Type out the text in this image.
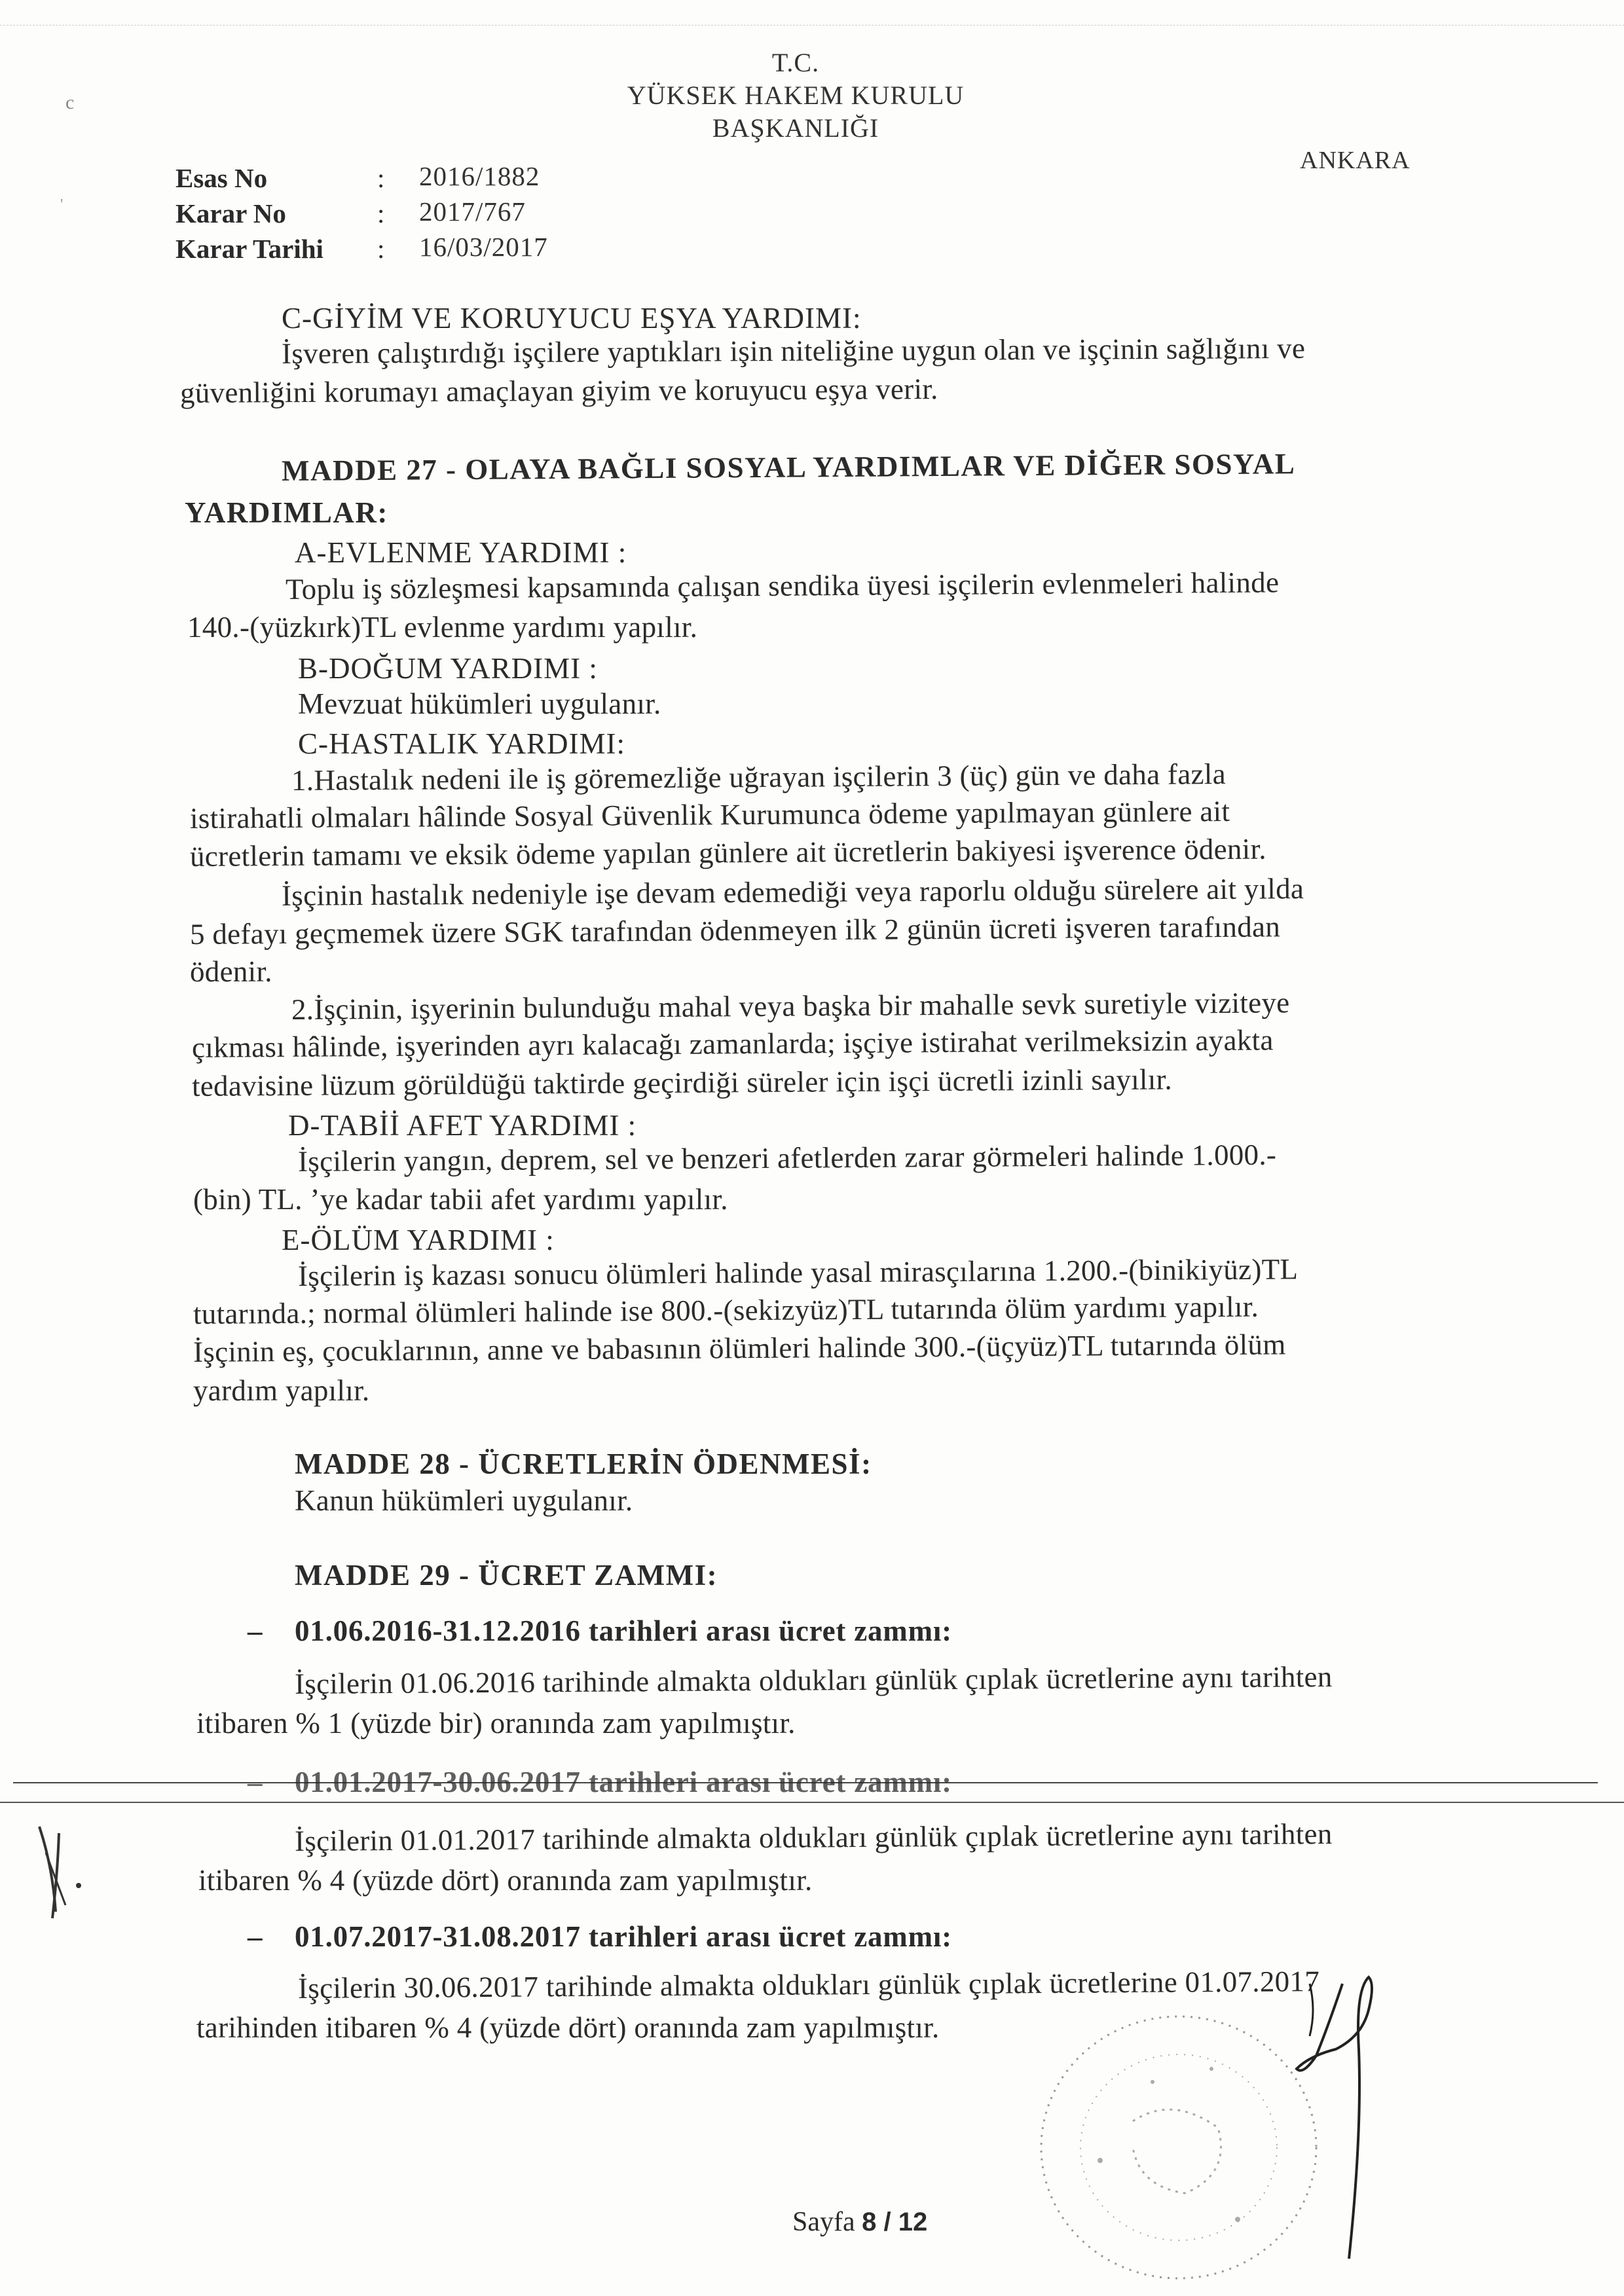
c
'
T.C.
YÜKSEK HAKEM KURULU
BAŞKANLIĞI
ANKARA
Esas No	: 2016/1882
Karar No	: 2017/767
Karar Tarihi : 16/03/2017
C-GİYİM VE KORUYUCU EŞYA YARDIMI:
İşveren çalıştırdığı işçilere yaptıkları işin niteliğine uygun olan ve işçinin sağlığını ve
güvenliğini korumayı amaçlayan giyim ve koruyucu eşya verir.
MADDE 27 - OLAYA BAĞLI SOSYAL YARDIMLAR VE DİĞER SOSYAL
YARDIMLAR:
A-EVLENME YARDIMI :
Toplu iş sözleşmesi kapsamında çalışan sendika üyesi işçilerin evlenmeleri halinde
140.-(yüzkırk)TL evlenme yardımı yapılır.
B-DOĞUM YARDIMI :
Mevzuat hükümleri uygulanır.
C-HASTALIK YARDIMI:
1.Hastalık nedeni ile iş göremezliğe uğrayan işçilerin 3 (üç) gün ve daha fazla
istirahatli olmaları hâlinde Sosyal Güvenlik Kurumunca ödeme yapılmayan günlere ait
ücretlerin tamamı ve eksik ödeme yapılan günlere ait ücretlerin bakiyesi işverence ödenir.
İşçinin hastalık nedeniyle işe devam edemediği veya raporlu olduğu sürelere ait yılda
5 defayı geçmemek üzere SGK tarafından ödenmeyen ilk 2 günün ücreti işveren tarafından
ödenir.
2.İşçinin, işyerinin bulunduğu mahal veya başka bir mahalle sevk suretiyle viziteye
çıkması hâlinde, işyerinden ayrı kalacağı zamanlarda; işçiye istirahat verilmeksizin ayakta
tedavisine lüzum görüldüğü taktirde geçirdiği süreler için işçi ücretli izinli sayılır.
D-TABİİ AFET YARDIMI :
İşçilerin yangın, deprem, sel ve benzeri afetlerden zarar görmeleri halinde 1.000.-
(bin) TL. ’ye kadar tabii afet yardımı yapılır.
E-ÖLÜM YARDIMI :
İşçilerin iş kazası sonucu ölümleri halinde yasal mirasçılarına 1.200.-(binikiyüz)TL
tutarında.; normal ölümleri halinde ise 800.-(sekizyüz)TL tutarında ölüm yardımı yapılır.
İşçinin eş, çocuklarının, anne ve babasının ölümleri halinde 300.-(üçyüz)TL tutarında ölüm
yardım yapılır.
MADDE 28 - ÜCRETLERİN ÖDENMESİ:
Kanun hükümleri uygulanır.
MADDE 29 - ÜCRET ZAMMI:
– 01.06.2016-31.12.2016 tarihleri arası ücret zammı:
İşçilerin 01.06.2016 tarihinde almakta oldukları günlük çıplak ücretlerine aynı tarihten
itibaren % 1 (yüzde bir) oranında zam yapılmıştır.
– 01.01.2017-30.06.2017 tarihleri arası ücret zammı:
İşçilerin 01.01.2017 tarihinde almakta oldukları günlük çıplak ücretlerine aynı tarihten
itibaren % 4 (yüzde dört) oranında zam yapılmıştır.
– 01.07.2017-31.08.2017 tarihleri arası ücret zammı:
İşçilerin 30.06.2017 tarihinde almakta oldukları günlük çıplak ücretlerine 01.07.2017
tarihinden itibaren % 4 (yüzde dört) oranında zam yapılmıştır.
Sayfa 8 / 12
